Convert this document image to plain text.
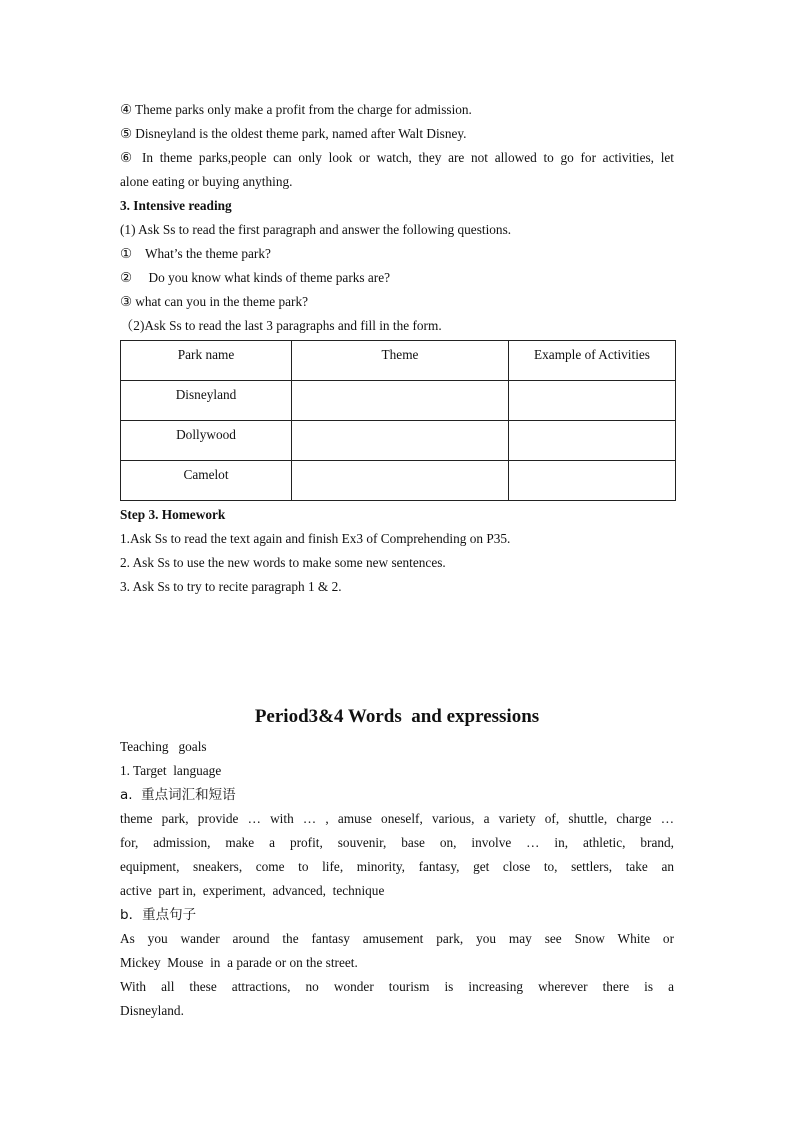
④ Theme parks only make a profit from the charge for admission.
⑤ Disneyland is the oldest theme park, named after Walt Disney.
⑥ In theme parks,people can only look or watch, they are not allowed to go for activities, let
alone eating or buying anything.
3. Intensive reading
(1) Ask Ss to read the first paragraph and answer the following questions.
①    What’s the theme park?
②     Do you know what kinds of theme parks are?
③ what can you in the theme park?
（2)Ask Ss to read the last 3 paragraphs and fill in the form.
Park name	Theme	Example of Activities
Disneyland		
Dollywood		
Camelot		
Step 3. Homework
1.Ask Ss to read the text again and finish Ex3 of Comprehending on P35.
2. Ask Ss to use the new words to make some new sentences.
3. Ask Ss to try to recite paragraph 1 & 2.
Period3&4 Words  and expressions
Teaching   goals
1. Target  language
a.  重点词汇和短语
theme park, provide … with … , amuse oneself, various, a variety of, shuttle, charge …
for, admission, make a profit, souvenir, base on, involve … in, athletic, brand,
equipment, sneakers, come to life, minority, fantasy, get close to, settlers, take an
active  part in,  experiment,  advanced,  technique
b．重点句子
As you wander around the fantasy amusement park, you may see Snow White or
Mickey  Mouse  in  a parade or on the street.
With all these attractions, no wonder tourism is increasing wherever there is a
Disneyland.
